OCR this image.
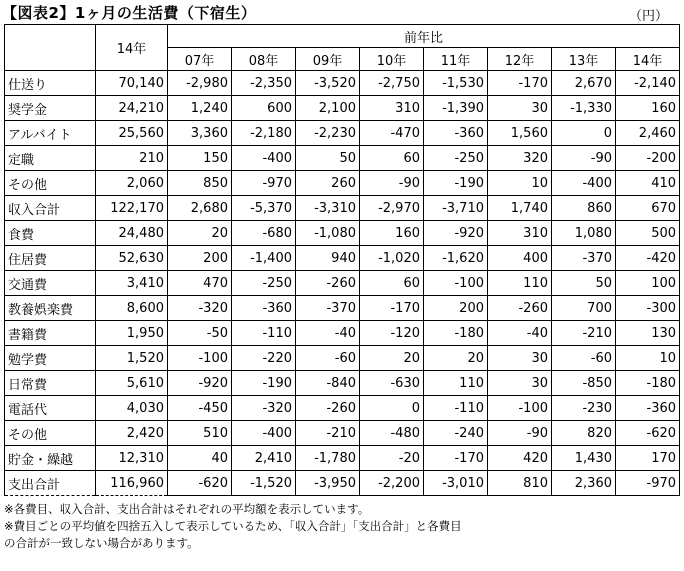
【図表2】1ヶ月の生活費（下宿生）	（円）
	14年	前年比							
		07年	08年	09年	10年	11年	12年	13年	14年
仕送り	70,140	-2,980	-2,350	-3,520	-2,750	-1,530	-170	2,670	-2,140
奨学金	24,210	1,240	600	2,100	310	-1,390	30	-1,330	160
アルバイト	25,560	3,360	-2,180	-2,230	-470	-360	1,560	0	2,460
定職	210	150	-400	50	60	-250	320	-90	-200
その他	2,060	850	-970	260	-90	-190	10	-400	410
収入合計	122,170	2,680	-5,370	-3,310	-2,970	-3,710	1,740	860	670
食費	24,480	20	-680	-1,080	160	-920	310	1,080	500
住居費	52,630	200	-1,400	940	-1,020	-1,620	400	-370	-420
交通費	3,410	470	-250	-260	60	-100	110	50	100
教養娯楽費	8,600	-320	-360	-370	-170	200	-260	700	-300
書籍費	1,950	-50	-110	-40	-120	-180	-40	-210	130
勉学費	1,520	-100	-220	-60	20	20	30	-60	10
日常費	5,610	-920	-190	-840	-630	110	30	-850	-180
電話代	4,030	-450	-320	-260	0	-110	-100	-230	-360
その他	2,420	510	-400	-210	-480	-240	-90	820	-620
貯金・繰越	12,310	40	2,410	-1,780	-20	-170	420	1,430	170
支出合計	116,960	-620	-1,520	-3,950	-2,200	-3,010	810	2,360	-970
※各費目、収入合計、支出合計はそれぞれの平均額を表示しています。
※費目ごとの平均値を四捨五入して表示しているため、「収入合計」「支出合計」と各費目
の合計が一致しない場合があります。
